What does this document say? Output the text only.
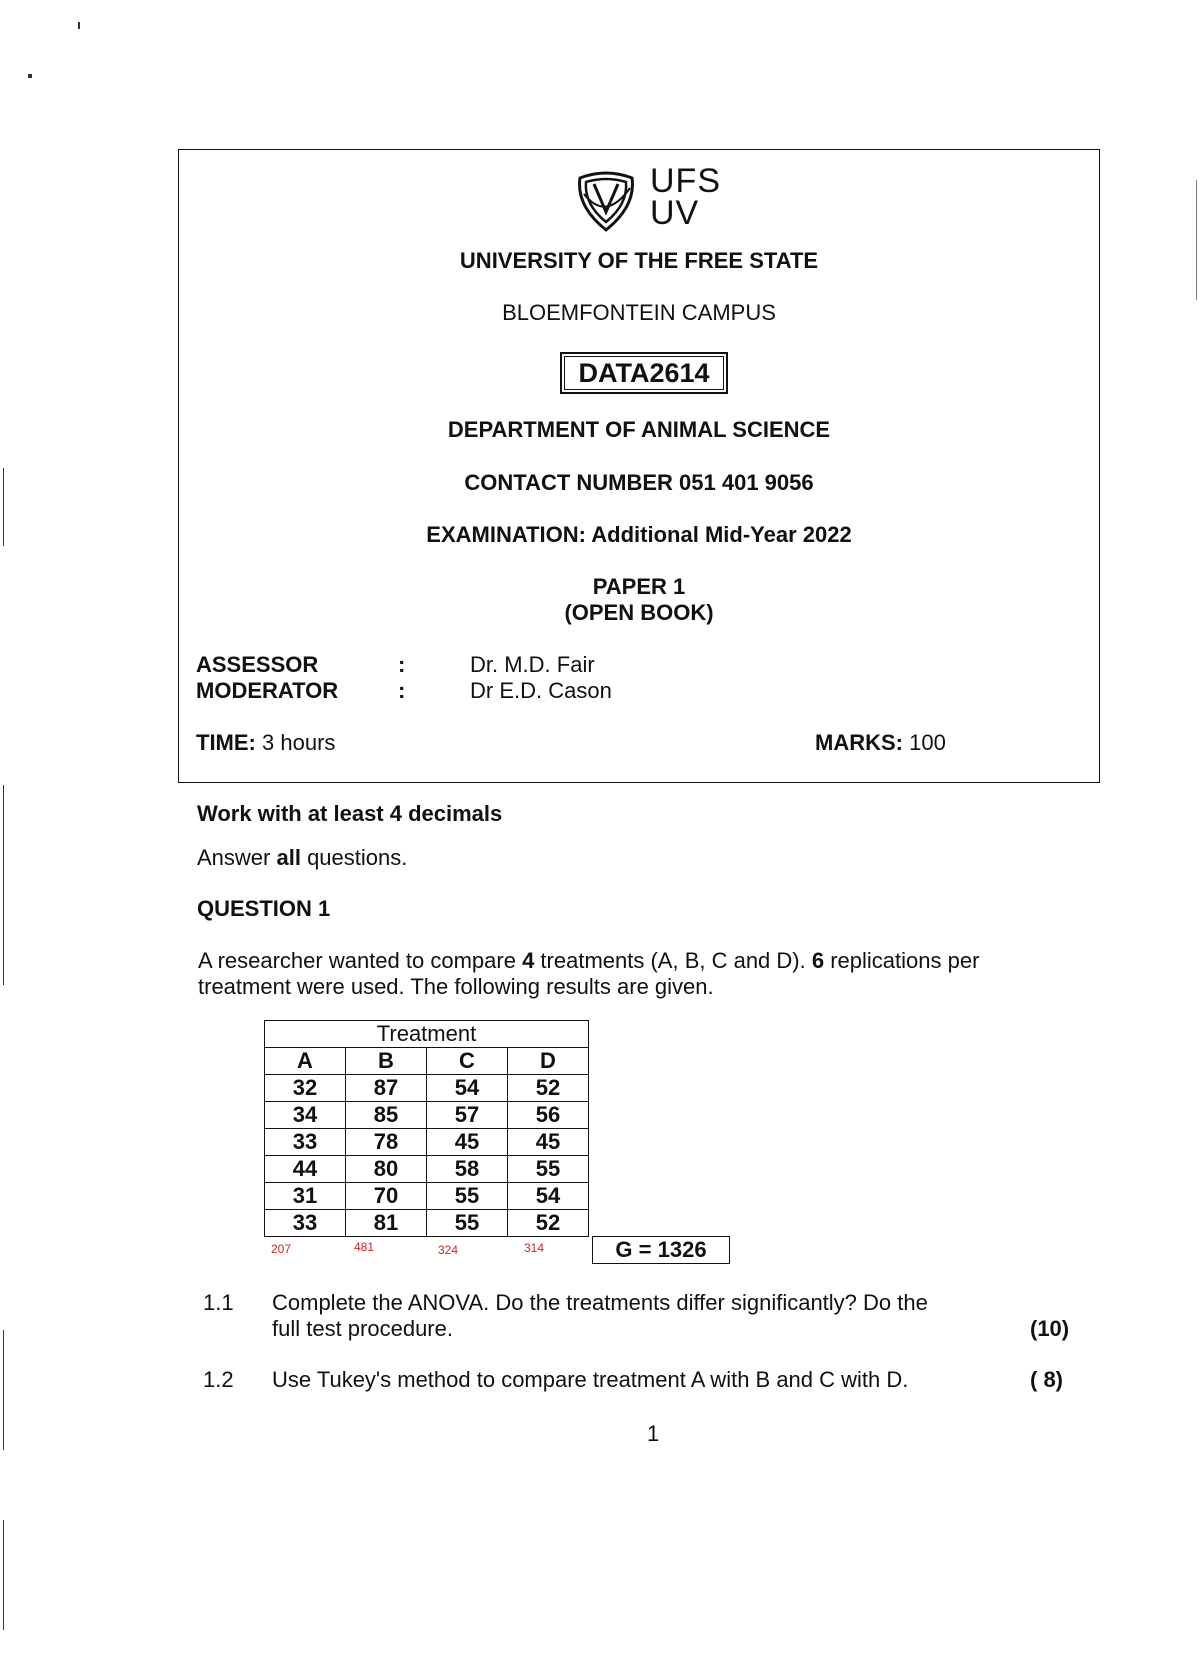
UNIVERSITY OF THE FREE STATE
BLOEMFONTEIN CAMPUS
DEPARTMENT OF ANIMAL SCIENCE
CONTACT NUMBER 051 401 9056
EXAMINATION: Additional Mid-Year 2022
PAPER 1
(OPEN BOOK)
UFS
UV
DATA2614
ASSESSOR	:	Dr. M.D. Fair
MODERATOR	:	Dr E.D. Cason
TIME: 3 hours	MARKS: 100
Work with at least 4 decimals
Answer all questions.
QUESTION 1
A researcher wanted to compare 4 treatments (A, B, C and D). 6 replications per
treatment were used. The following results are given.
Treatment			
A	B	C	D
32	87	54	52
34	85	57	56
33	78	45	45
44	80	58	55
31	70	55	54
33	81	55	52
207	481	324	314	G = 1326
1.1 Complete the ANOVA. Do the treatments differ significantly? Do the
full test procedure.	(10)
1.2 Use Tukey's method to compare treatment A with B and C with D.	( 8)
1
